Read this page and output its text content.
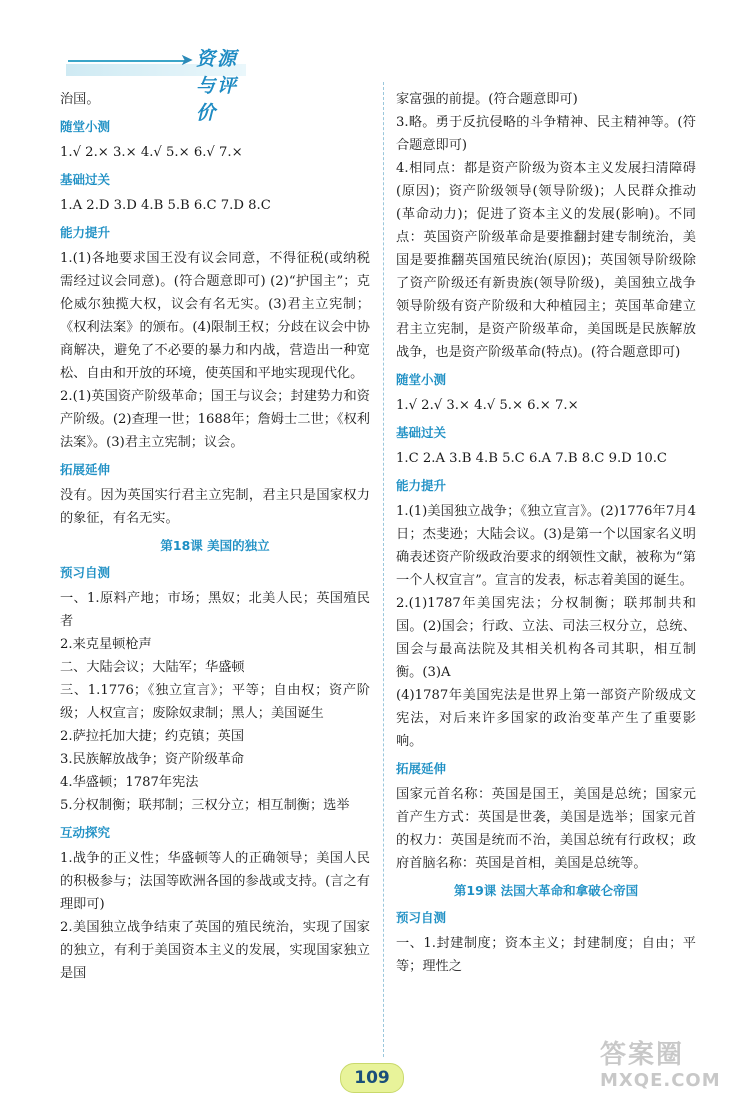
➤ 资源与评价

治国。

随堂小测

1.√ 2.× 3.× 4.√ 5.× 6.√ 7.×

基础过关

1.A 2.D 3.D 4.B 5.B 6.C 7.D 8.C

能力提升

1.(1)各地要求国王没有议会同意，不得征税(或纳税需经过议会同意)。(符合题意即可) (2)“护国主”；克伦威尔独揽大权，议会有名无实。(3)君主立宪制；《权利法案》的颁布。(4)限制王权；分歧在议会中协商解决，避免了不必要的暴力和内战，营造出一种宽松、自由和开放的环境，使英国和平地实现现代化。

2.(1)英国资产阶级革命；国王与议会；封建势力和资产阶级。(2)查理一世；1688年；詹姆士二世；《权利法案》。(3)君主立宪制；议会。

拓展延伸

没有。因为英国实行君主立宪制，君主只是国家权力的象征，有名无实。

第18课 美国的独立
预习自测

一、1.原料产地；市场；黑奴；北美人民；英国殖民者

2.来克星顿枪声

二、大陆会议；大陆军；华盛顿

三、1.1776；《独立宣言》；平等；自由权；资产阶级；人权宣言；废除奴隶制；黑人；美国诞生

2.萨拉托加大捷；约克镇；英国

3.民族解放战争；资产阶级革命

4.华盛顿；1787年宪法

5.分权制衡；联邦制；三权分立；相互制衡；选举

互动探究

1.战争的正义性；华盛顿等人的正确领导；美国人民的积极参与；法国等欧洲各国的参战或支持。(言之有理即可)

2.美国独立战争结束了英国的殖民统治，实现了国家的独立，有利于美国资本主义的发展，实现国家独立是国

家富强的前提。(符合题意即可)

3.略。勇于反抗侵略的斗争精神、民主精神等。(符合题意即可)

4.相同点：都是资产阶级为资本主义发展扫清障碍(原因)；资产阶级领导(领导阶级)；人民群众推动(革命动力)；促进了资本主义的发展(影响)。不同点：英国资产阶级革命是要推翻封建专制统治，美国是要推翻英国殖民统治(原因)；英国领导阶级除了资产阶级还有新贵族(领导阶级)，美国独立战争领导阶级有资产阶级和大种植园主；英国革命建立君主立宪制，是资产阶级革命，美国既是民族解放战争，也是资产阶级革命(特点)。(符合题意即可)

随堂小测

1.√ 2.√ 3.× 4.√ 5.× 6.× 7.×

基础过关

1.C 2.A 3.B 4.B 5.C 6.A 7.B 8.C 9.D 10.C

能力提升

1.(1)美国独立战争；《独立宣言》。(2)1776年7月4日；杰斐逊；大陆会议。(3)是第一个以国家名义明确表述资产阶级政治要求的纲领性文献，被称为“第一个人权宣言”。宣言的发表，标志着美国的诞生。

2.(1)1787年美国宪法；分权制衡；联邦制共和国。(2)国会；行政、立法、司法三权分立，总统、国会与最高法院及其相关机构各司其职，相互制衡。(3)A

(4)1787年美国宪法是世界上第一部资产阶级成文宪法，对后来许多国家的政治变革产生了重要影响。

拓展延伸

国家元首名称：英国是国王，美国是总统；国家元首产生方式：英国是世袭，美国是选举；国家元首的权力：英国是统而不治，美国总统有行政权；政府首脑名称：英国是首相，美国是总统等。

第19课 法国大革命和拿破仑帝国
预习自测

一、1.封建制度；资本主义；封建制度；自由；平等；理性之

109
答案圈
MXQE.COM
